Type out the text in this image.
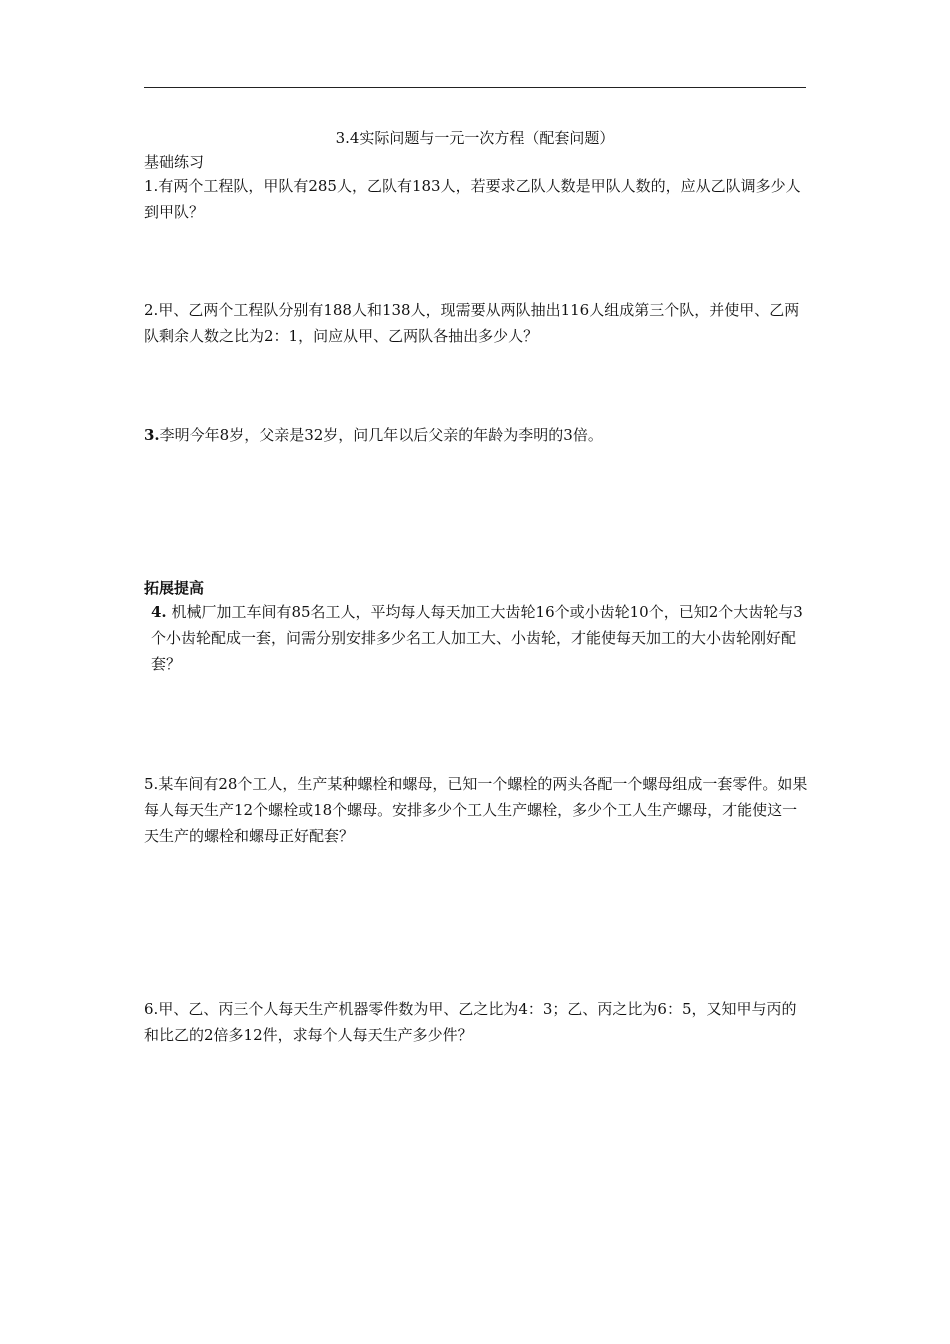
3.4实际问题与一元一次方程（配套问题）
基础练习
1.有两个工程队，甲队有285人，乙队有183人，若要求乙队人数是甲队人数的，应从乙队调多少人到甲队？
2.甲、乙两个工程队分别有188人和138人，现需要从两队抽出116人组成第三个队，并使甲、乙两队剩余人数之比为2：1，问应从甲、乙两队各抽出多少人？
3.李明今年8岁，父亲是32岁，问几年以后父亲的年龄为李明的3倍。
拓展提高
4. 机械厂加工车间有85名工人，平均每人每天加工大齿轮16个或小齿轮10个，已知2个大齿轮与3个小齿轮配成一套，问需分别安排多少名工人加工大、小齿轮，才能使每天加工的大小齿轮刚好配套？
5.某车间有28个工人，生产某种螺栓和螺母，已知一个螺栓的两头各配一个螺母组成一套零件。如果每人每天生产12个螺栓或18个螺母。安排多少个工人生产螺栓，多少个工人生产螺母，才能使这一天生产的螺栓和螺母正好配套？
6.甲、乙、丙三个人每天生产机器零件数为甲、乙之比为4：3；乙、丙之比为6：5，又知甲与丙的和比乙的2倍多12件，求每个人每天生产多少件？
